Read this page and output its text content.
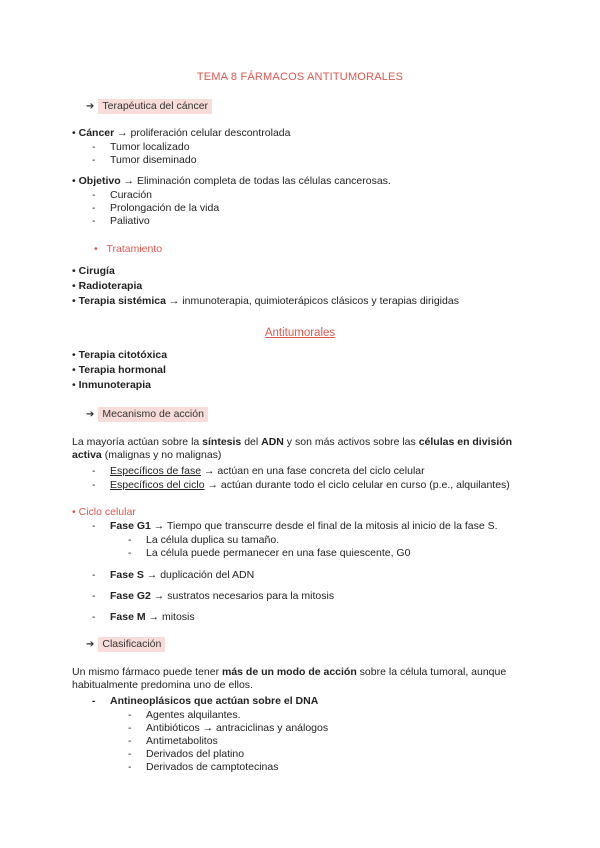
TEMA 8 FÁRMACOS ANTITUMORALES
➔ Terapéutica del cáncer
• Cáncer → proliferación celular descontrolada
- Tumor localizado
- Tumor diseminado
• Objetivo → Eliminación completa de todas las células cancerosas.
- Curación
- Prolongación de la vida
- Paliativo
• Tratamiento
• Cirugía
• Radioterapia
• Terapia sistémica → inmunoterapia, quimioterápicos clásicos y terapias dirigidas
Antitumorales
• Terapia citotóxica
• Terapia hormonal
• Inmunoterapia
➔ Mecanismo de acción
La mayoría actúan sobre la síntesis del ADN y son más activos sobre las células en división activa (malignas y no malignas)
- Específicos de fase → actúan en una fase concreta del ciclo celular
- Específicos del ciclo → actúan durante todo el ciclo celular en curso (p.e., alquilantes)
• Ciclo celular
- Fase G1 → Tiempo que transcurre desde el final de la mitosis al inicio de la fase S.
- La célula duplica su tamaño.
- La célula puede permanecer en una fase quiescente, G0
- Fase S → duplicación del ADN
- Fase G2 → sustratos necesarios para la mitosis
- Fase M → mitosis
➔ Clasificación
Un mismo fármaco puede tener más de un modo de acción sobre la célula tumoral, aunque habitualmente predomina uno de ellos.
- Antineoplásicos que actúan sobre el DNA
- Agentes alquilantes.
- Antibióticos → antraciclinas y análogos
- Antimetabolitos
- Derivados del platino
- Derivados de camptotecinas
